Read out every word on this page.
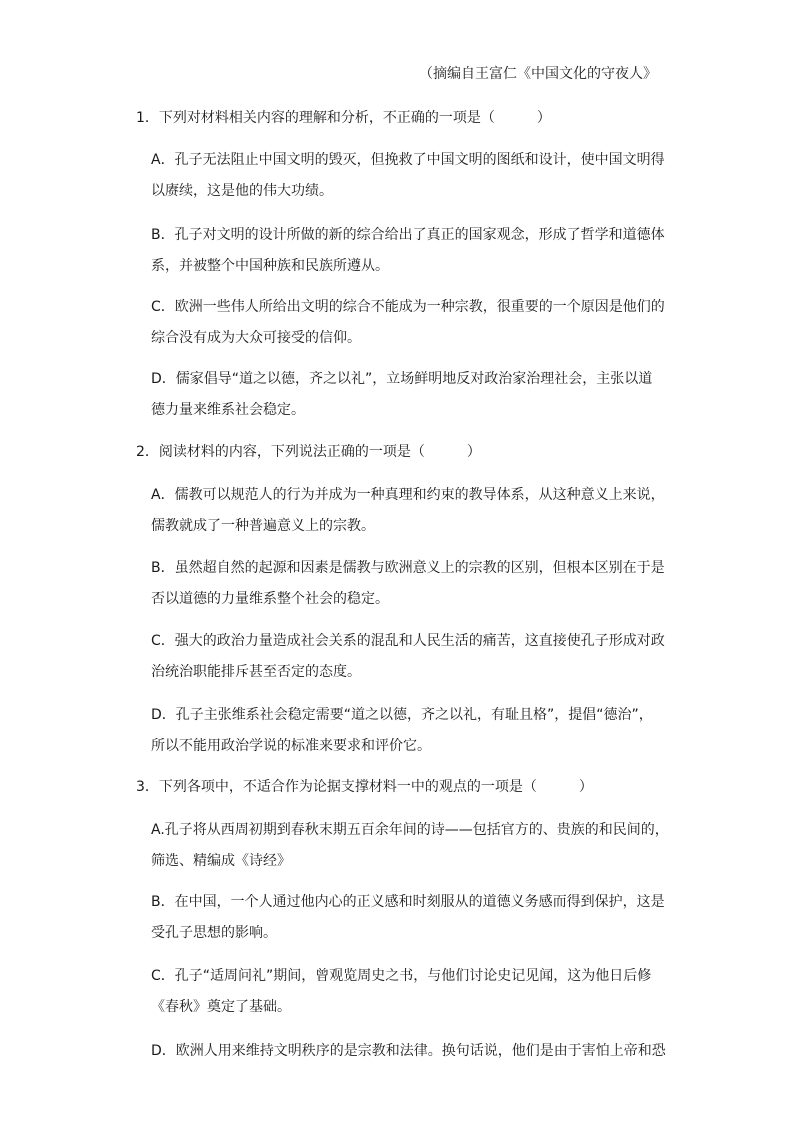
（摘编自王富仁《中国文化的守夜人》
1．下列对材料相关内容的理解和分析，不正确的一项是（　　　）
A．孔子无法阻止中国文明的毁灭，但挽救了中国文明的图纸和设计，使中国文明得
以赓续，这是他的伟大功绩。
B．孔子对文明的设计所做的新的综合给出了真正的国家观念，形成了哲学和道德体
系，并被整个中国种族和民族所遵从。
C．欧洲一些伟人所给出文明的综合不能成为一种宗教，很重要的一个原因是他们的
综合没有成为大众可接受的信仰。
D．儒家倡导“道之以德，齐之以礼”，立场鲜明地反对政治家治理社会，主张以道
德力量来维系社会稳定。
2．阅读材料的内容，下列说法正确的一项是（　　　）
A．儒教可以规范人的行为并成为一种真理和约束的教导体系，从这种意义上来说，
儒教就成了一种普遍意义上的宗教。
B．虽然超自然的起源和因素是儒教与欧洲意义上的宗教的区别，但根本区别在于是
否以道德的力量维系整个社会的稳定。
C．强大的政治力量造成社会关系的混乱和人民生活的痛苦，这直接使孔子形成对政
治统治职能排斥甚至否定的态度。
D．孔子主张维系社会稳定需要“道之以德，齐之以礼，有耻且格”，提倡“德治”，
所以不能用政治学说的标准来要求和评价它。
3．下列各项中，不适合作为论据支撑材料一中的观点的一项是（　　　）
A.孔子将从西周初期到春秋末期五百余年间的诗——包括官方的、贵族的和民间的，
筛选、精编成《诗经》
B．在中国，一个人通过他内心的正义感和时刻服从的道德义务感而得到保护，这是
受孔子思想的影响。
C．孔子“适周问礼”期间，曾观览周史之书，与他们讨论史记见闻，这为他日后修
《春秋》奠定了基础。
D．欧洲人用来维持文明秩序的是宗教和法律。换句话说，他们是由于害怕上帝和恐
